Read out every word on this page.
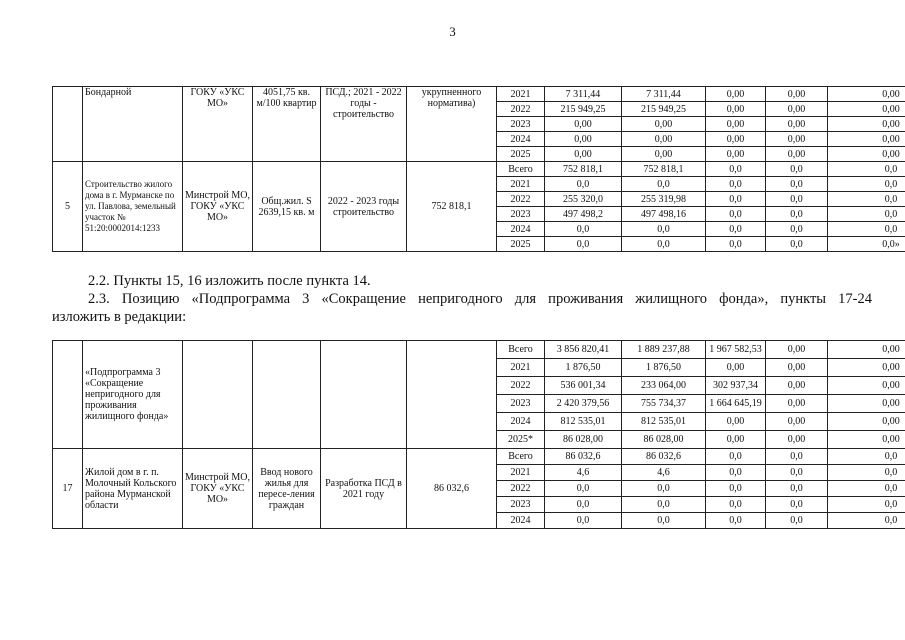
3
	Бондарной	ГОКУ «УКС МО»	4051,75 кв. м/100 квартир	ПСД.; 2021 - 2022 годы - строительство	укрупненного норматива)	2021	7 311,44	7 311,44	0,00	0,00	0,00
						2022	215 949,25	215 949,25	0,00	0,00	0,00
						2023	0,00	0,00	0,00	0,00	0,00
						2024	0,00	0,00	0,00	0,00	0,00
						2025	0,00	0,00	0,00	0,00	0,00
5	Строительство жилого дома в г. Мурманске по ул. Павлова, земельный участок № 51:20:0002014:1233	Минстрой МО, ГОКУ «УКС МО»	Общ.жил. S 2639,15 кв. м	2022 - 2023 годы строительство	752 818,1	Всего	752 818,1	752 818,1	0,0	0,0	0,0
						2021	0,0	0,0	0,0	0,0	0,0
						2022	255 320,0	255 319,98	0,0	0,0	0,0
						2023	497 498,2	497 498,16	0,0	0,0	0,0
						2024	0,0	0,0	0,0	0,0	0,0
						2025	0,0	0,0	0,0	0,0	0,0»
2.2. Пункты 15, 16 изложить после пункта 14.
2.3. Позицию «Подпрограмма 3 «Сокращение непригодного для проживания жилищного фонда», пункты 17-24
изложить в редакции:
	«Подпрограмма 3 «Сокращение непригодного для проживания жилищного фонда»					Всего	3 856 820,41	1 889 237,88	1 967 582,53	0,00	0,00
						2021	1 876,50	1 876,50	0,00	0,00	0,00
						2022	536 001,34	233 064,00	302 937,34	0,00	0,00
						2023	2 420 379,56	755 734,37	1 664 645,19	0,00	0,00
						2024	812 535,01	812 535,01	0,00	0,00	0,00
						2025*	86 028,00	86 028,00	0,00	0,00	0,00
17	Жилой дом в г. п. Молочный Кольского района Мурманской области	Минстрой МО, ГОКУ «УКС МО»	Ввод нового жилья для пересе-ления граждан	Разработка ПСД в 2021 году	86 032,6	Всего	86 032,6	86 032,6	0,0	0,0	0,0
						2021	4,6	4,6	0,0	0,0	0,0
						2022	0,0	0,0	0,0	0,0	0,0
						2023	0,0	0,0	0,0	0,0	0,0
						2024	0,0	0,0	0,0	0,0	0,0
